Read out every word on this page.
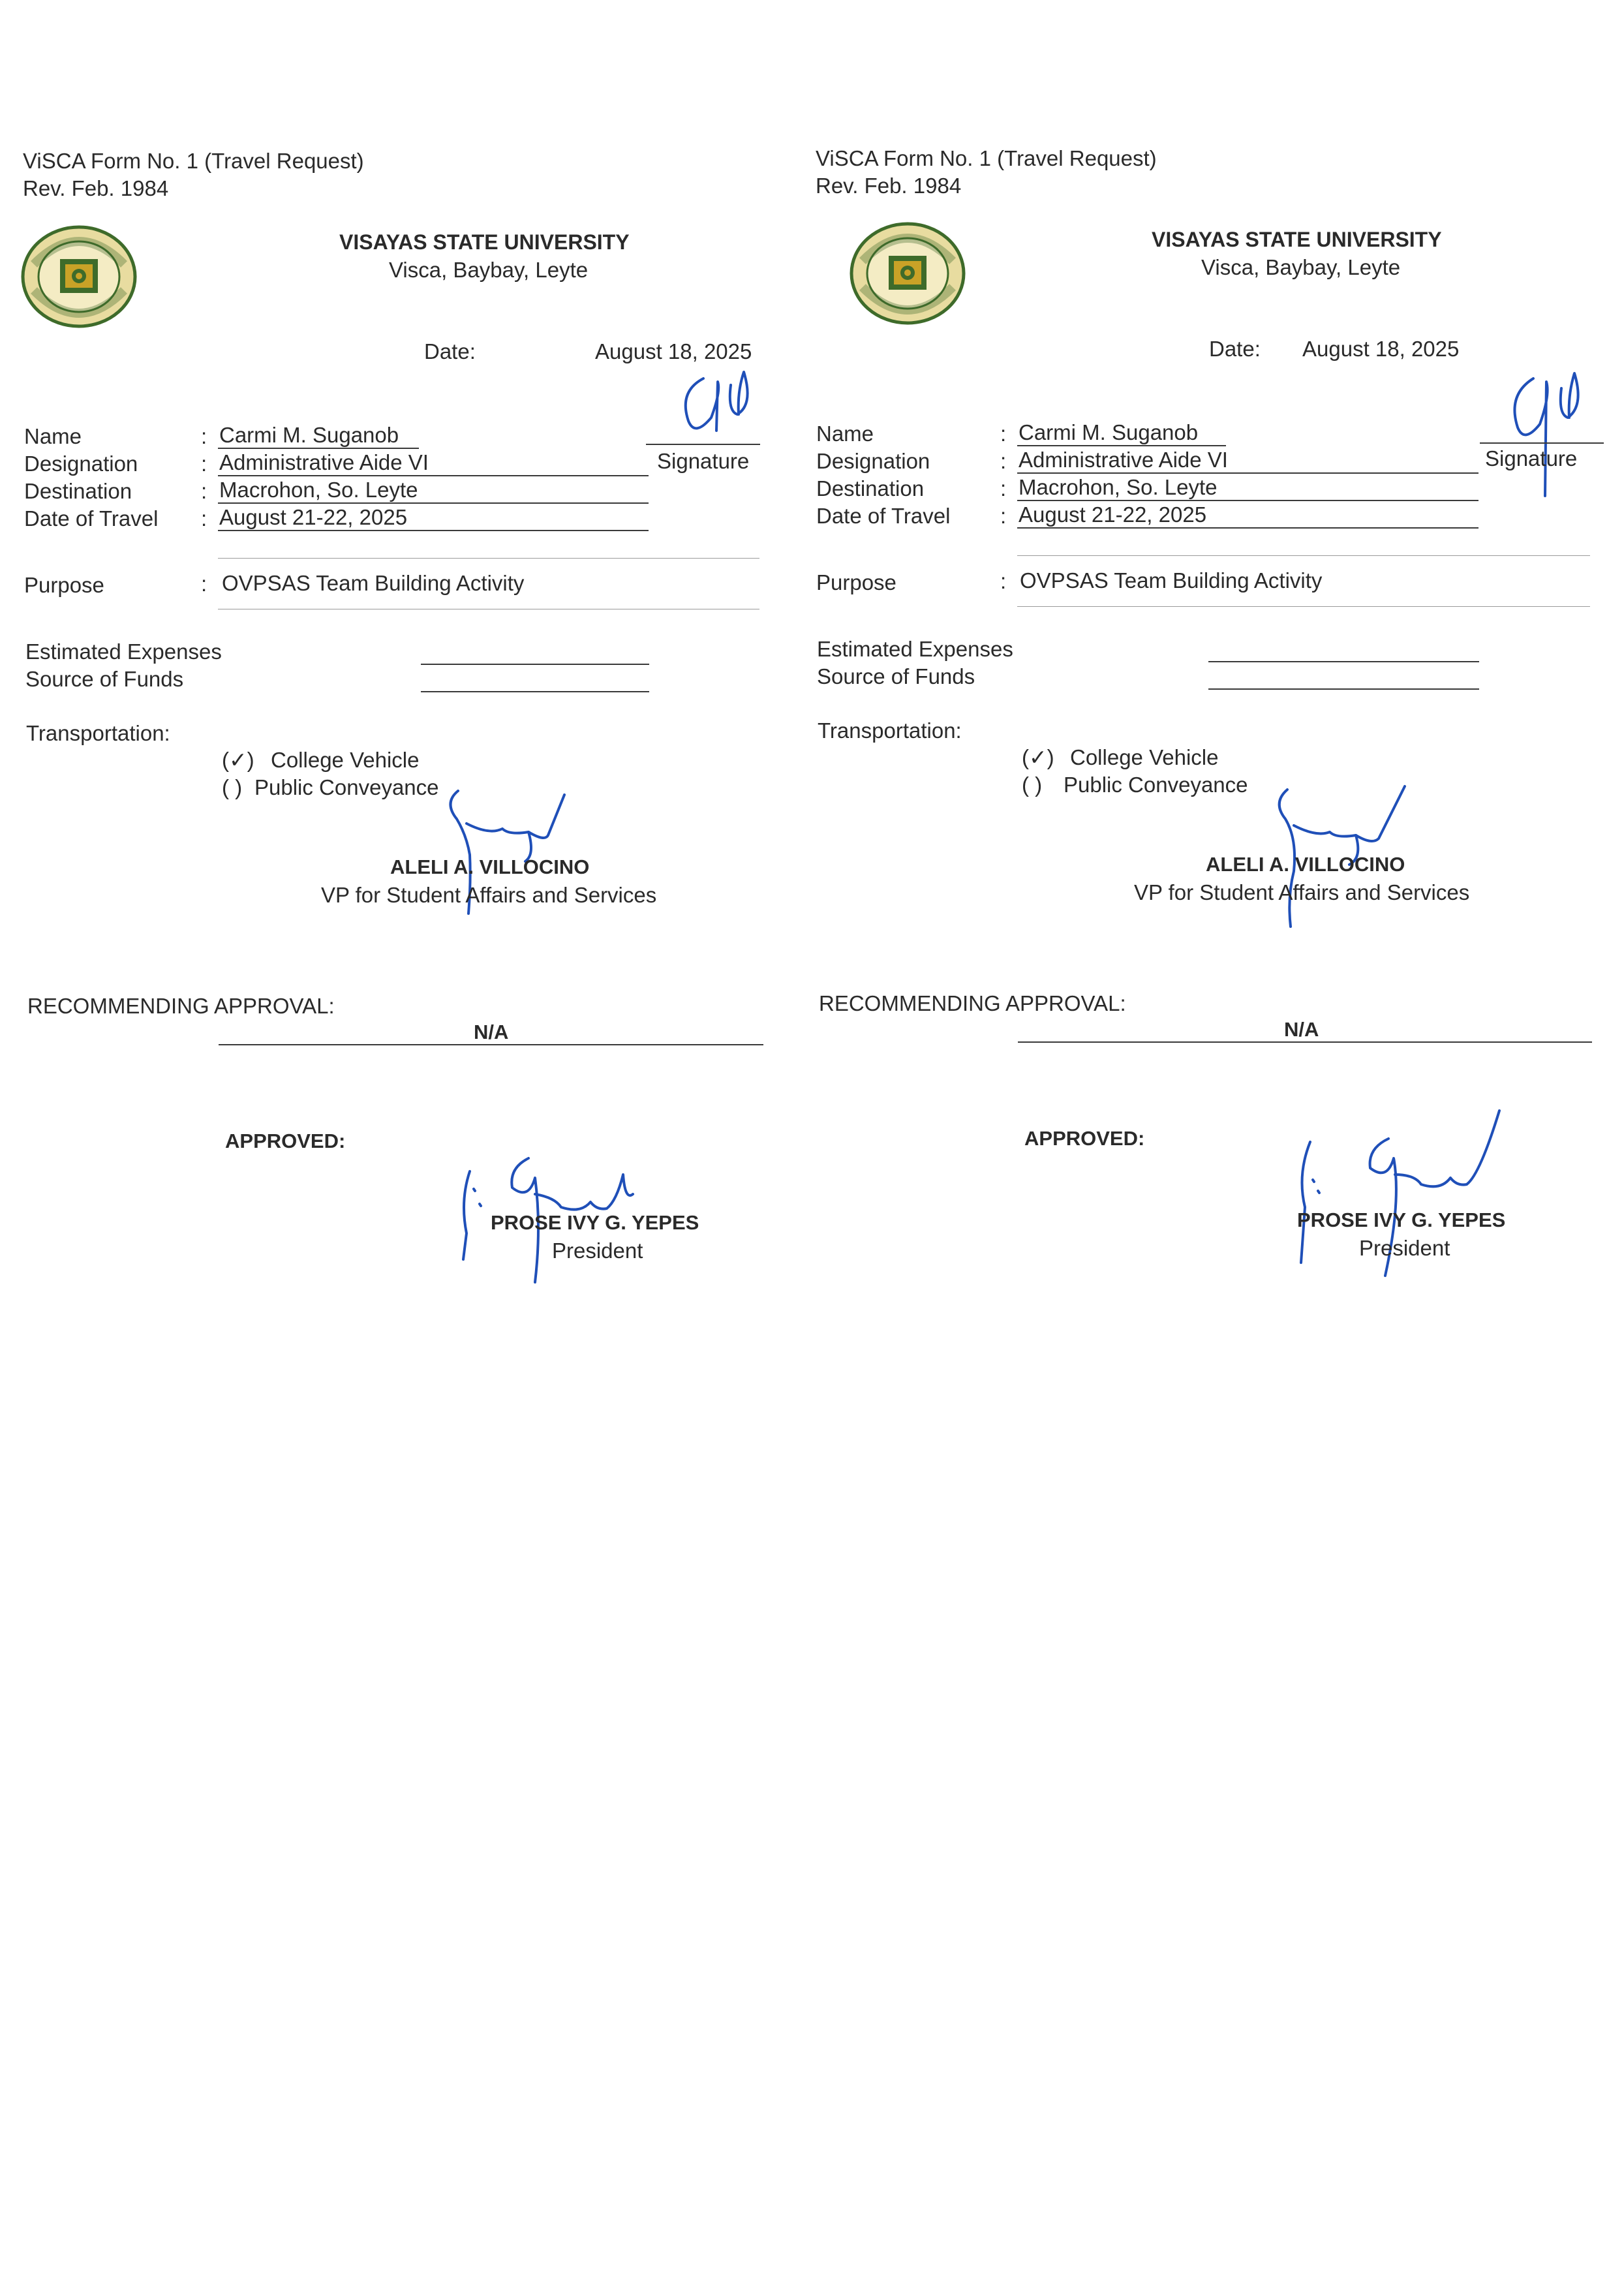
ViSCA Form No. 1 (Travel Request)
Rev. Feb. 1984
VISAYAS STATE UNIVERSITY
Visca, Baybay, Leyte
Date:	August 18, 2025
Signature
Name	: Carmi M. Suganob
Designation	: Administrative Aide VI
Destination	: Macrohon, So. Leyte
Date of Travel : August 21-22, 2025
Purpose	: OVPSAS Team Building Activity
Estimated Expenses
Source of Funds
Transportation:
(✓) College Vehicle
( ) Public Conveyance
ALELI A. VILLOCINO
VP for Student Affairs and Services
RECOMMENDING APPROVAL:
N/A
APPROVED:
PROSE IVY G. YEPES
President
ViSCA Form No. 1 (Travel Request)
Rev. Feb. 1984
VISAYAS STATE UNIVERSITY
Visca, Baybay, Leyte
Date: August 18, 2025
Signature
Name	: Carmi M. Suganob
Designation	: Administrative Aide VI
Destination	: Macrohon, So. Leyte
Date of Travel : August 21-22, 2025
Purpose	: OVPSAS Team Building Activity
Estimated Expenses
Source of Funds
Transportation:
(✓) College Vehicle
( ) Public Conveyance
ALELI A. VILLOCINO
VP for Student Affairs and Services
RECOMMENDING APPROVAL:
N/A
APPROVED:
PROSE IVY G. YEPES
President
